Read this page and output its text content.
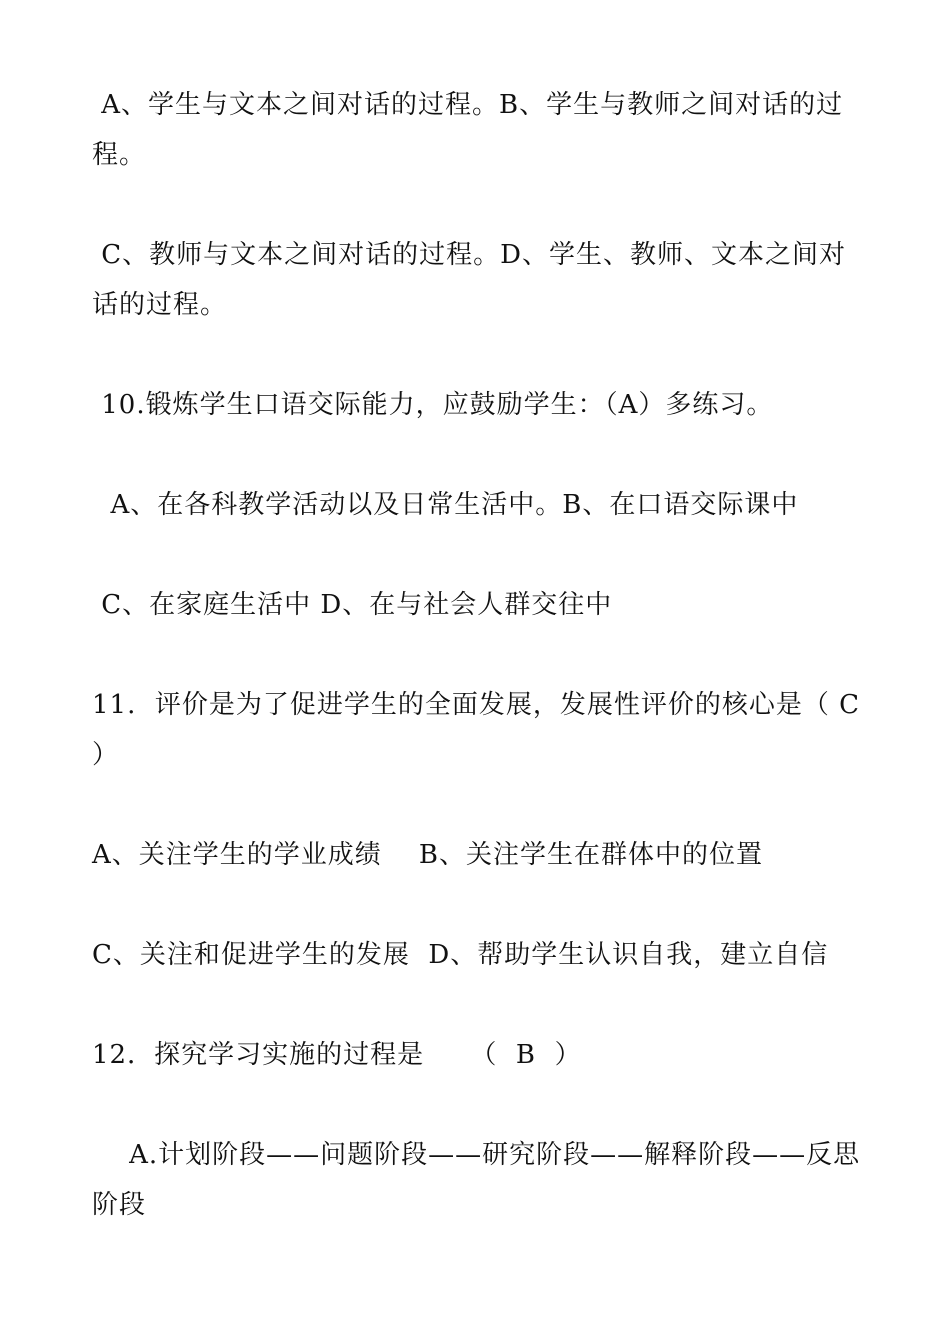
A、学生与文本之间对话的过程。B、学生与教师之间对话的过程。
C、教师与文本之间对话的过程。D、学生、教师、文本之间对话的过程。
10.锻炼学生口语交际能力，应鼓励学生：（A）多练习。
A、在各科教学活动以及日常生活中。B、在口语交际课中
C、在家庭生活中 D、在与社会人群交往中
11.  评价是为了促进学生的全面发展，发展性评价的核心是（ C ）
A、关注学生的学业成绩    B、关注学生在群体中的位置
C、关注和促进学生的发展  D、帮助学生认识自我，建立自信
12．探究学习实施的过程是     （  B  ）
A.计划阶段——问题阶段——研究阶段——解释阶段——反思阶段
